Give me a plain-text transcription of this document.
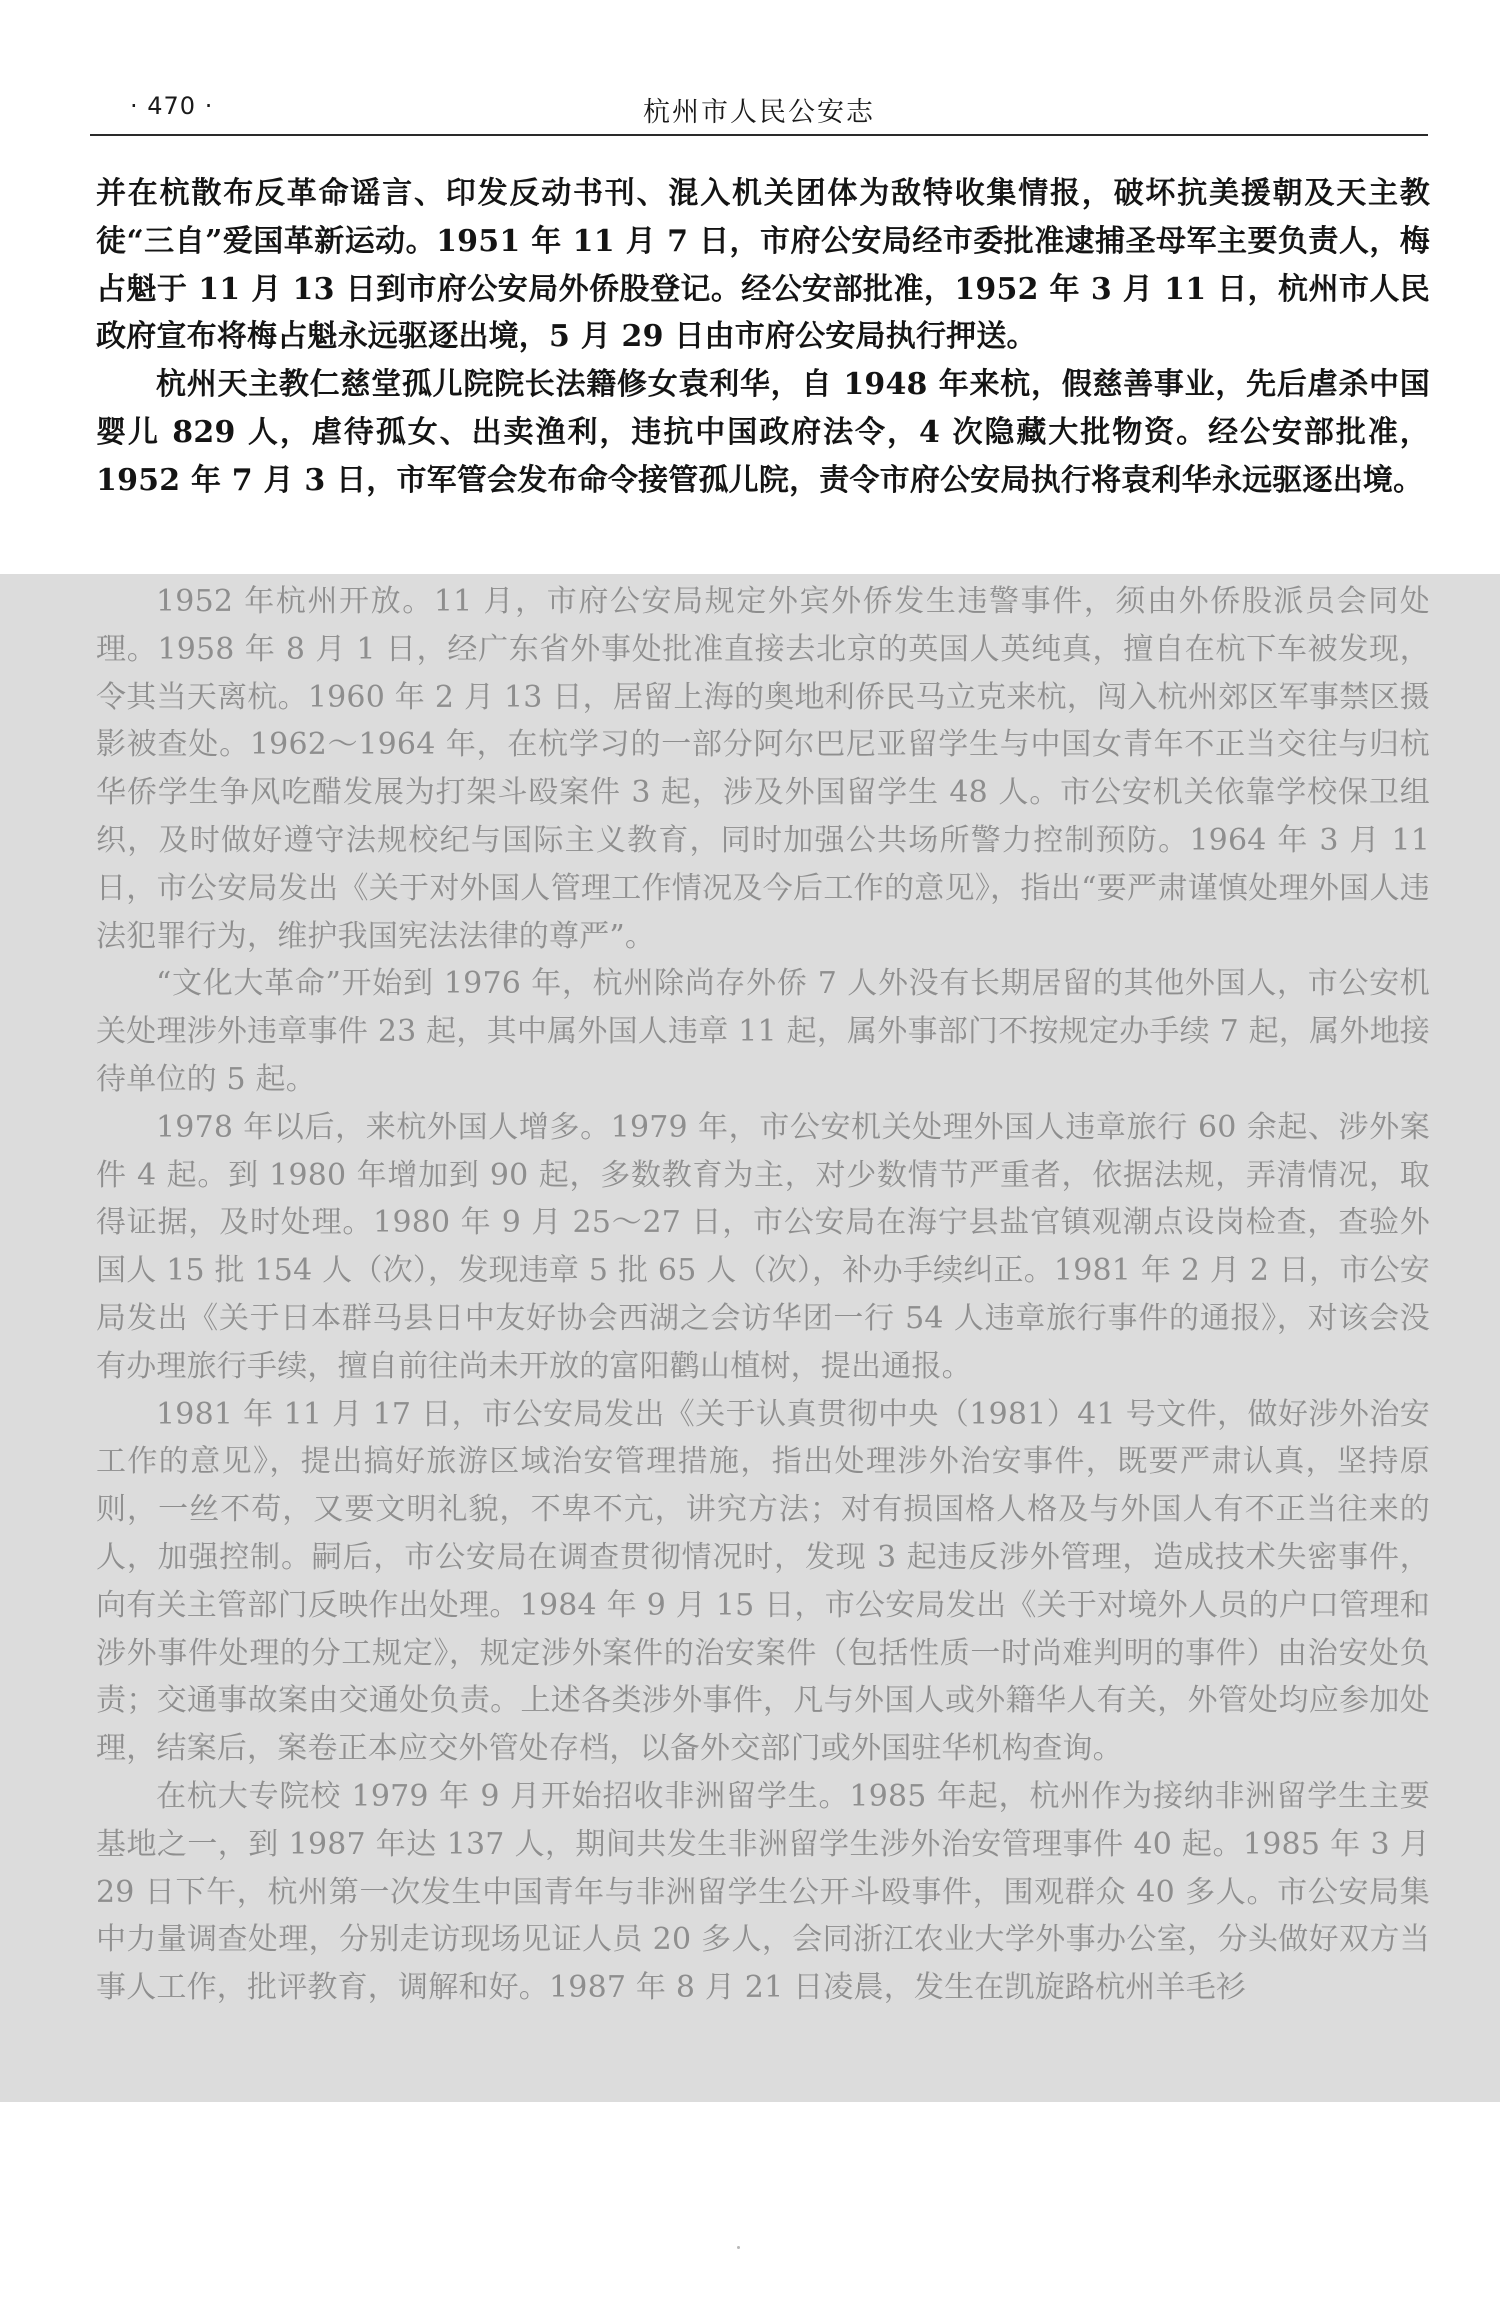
· 470 ·	杭州市人民公安志

并在杭散布反革命谣言、印发反动书刊、混入机关团体为敌特收集情报，破坏抗美援朝及天主教徒“三自”爱国革新运动。1951 年 11 月 7 日，市府公安局经市委批准逮捕圣母军主要负责人，梅占魁于 11 月 13 日到市府公安局外侨股登记。经公安部批准，1952 年 3 月 11 日，杭州市人民政府宣布将梅占魁永远驱逐出境，5 月 29 日由市府公安局执行押送。

杭州天主教仁慈堂孤儿院院长法籍修女袁利华，自 1948 年来杭，假慈善事业，先后虐杀中国婴儿 829 人，虐待孤女、出卖渔利，违抗中国政府法令，4 次隐藏大批物资。经公安部批准，1952 年 7 月 3 日，市军管会发布命令接管孤儿院，责令市府公安局执行将袁利华永远驱逐出境。

1952 年杭州开放。11 月，市府公安局规定外宾外侨发生违警事件，须由外侨股派员会同处理。1958 年 8 月 1 日，经广东省外事处批准直接去北京的英国人英纯真，擅自在杭下车被发现，令其当天离杭。1960 年 2 月 13 日，居留上海的奥地利侨民马立克来杭，闯入杭州郊区军事禁区摄影被查处。1962～1964 年，在杭学习的一部分阿尔巴尼亚留学生与中国女青年不正当交往与归杭华侨学生争风吃醋发展为打架斗殴案件 3 起，涉及外国留学生 48 人。市公安机关依靠学校保卫组织，及时做好遵守法规校纪与国际主义教育，同时加强公共场所警力控制预防。1964 年 3 月 11 日，市公安局发出《关于对外国人管理工作情况及今后工作的意见》，指出“要严肃谨慎处理外国人违法犯罪行为，维护我国宪法法律的尊严”。

“文化大革命”开始到 1976 年，杭州除尚存外侨 7 人外没有长期居留的其他外国人，市公安机关处理涉外违章事件 23 起，其中属外国人违章 11 起，属外事部门不按规定办手续 7 起，属外地接待单位的 5 起。

1978 年以后，来杭外国人增多。1979 年，市公安机关处理外国人违章旅行 60 余起、涉外案件 4 起。到 1980 年增加到 90 起，多数教育为主，对少数情节严重者，依据法规，弄清情况，取得证据，及时处理。1980 年 9 月 25～27 日，市公安局在海宁县盐官镇观潮点设岗检查，查验外国人 15 批 154 人（次），发现违章 5 批 65 人（次），补办手续纠正。1981 年 2 月 2 日，市公安局发出《关于日本群马县日中友好协会西湖之会访华团一行 54 人违章旅行事件的通报》，对该会没有办理旅行手续，擅自前往尚未开放的富阳鹳山植树，提出通报。

1981 年 11 月 17 日，市公安局发出《关于认真贯彻中央（1981）41 号文件，做好涉外治安工作的意见》，提出搞好旅游区域治安管理措施，指出处理涉外治安事件，既要严肃认真，坚持原则，一丝不苟，又要文明礼貌，不卑不亢，讲究方法；对有损国格人格及与外国人有不正当往来的人，加强控制。嗣后，市公安局在调查贯彻情况时，发现 3 起违反涉外管理，造成技术失密事件，向有关主管部门反映作出处理。1984 年 9 月 15 日，市公安局发出《关于对境外人员的户口管理和涉外事件处理的分工规定》，规定涉外案件的治安案件（包括性质一时尚难判明的事件）由治安处负责；交通事故案由交通处负责。上述各类涉外事件，凡与外国人或外籍华人有关，外管处均应参加处理，结案后，案卷正本应交外管处存档，以备外交部门或外国驻华机构查询。

在杭大专院校 1979 年 9 月开始招收非洲留学生。1985 年起，杭州作为接纳非洲留学生主要基地之一，到 1987 年达 137 人，期间共发生非洲留学生涉外治安管理事件 40 起。1985 年 3 月 29 日下午，杭州第一次发生中国青年与非洲留学生公开斗殴事件，围观群众 40 多人。市公安局集中力量调查处理，分别走访现场见证人员 20 多人，会同浙江农业大学外事办公室，分头做好双方当事人工作，批评教育，调解和好。1987 年 8 月 21 日凌晨，发生在凯旋路杭州羊毛衫
